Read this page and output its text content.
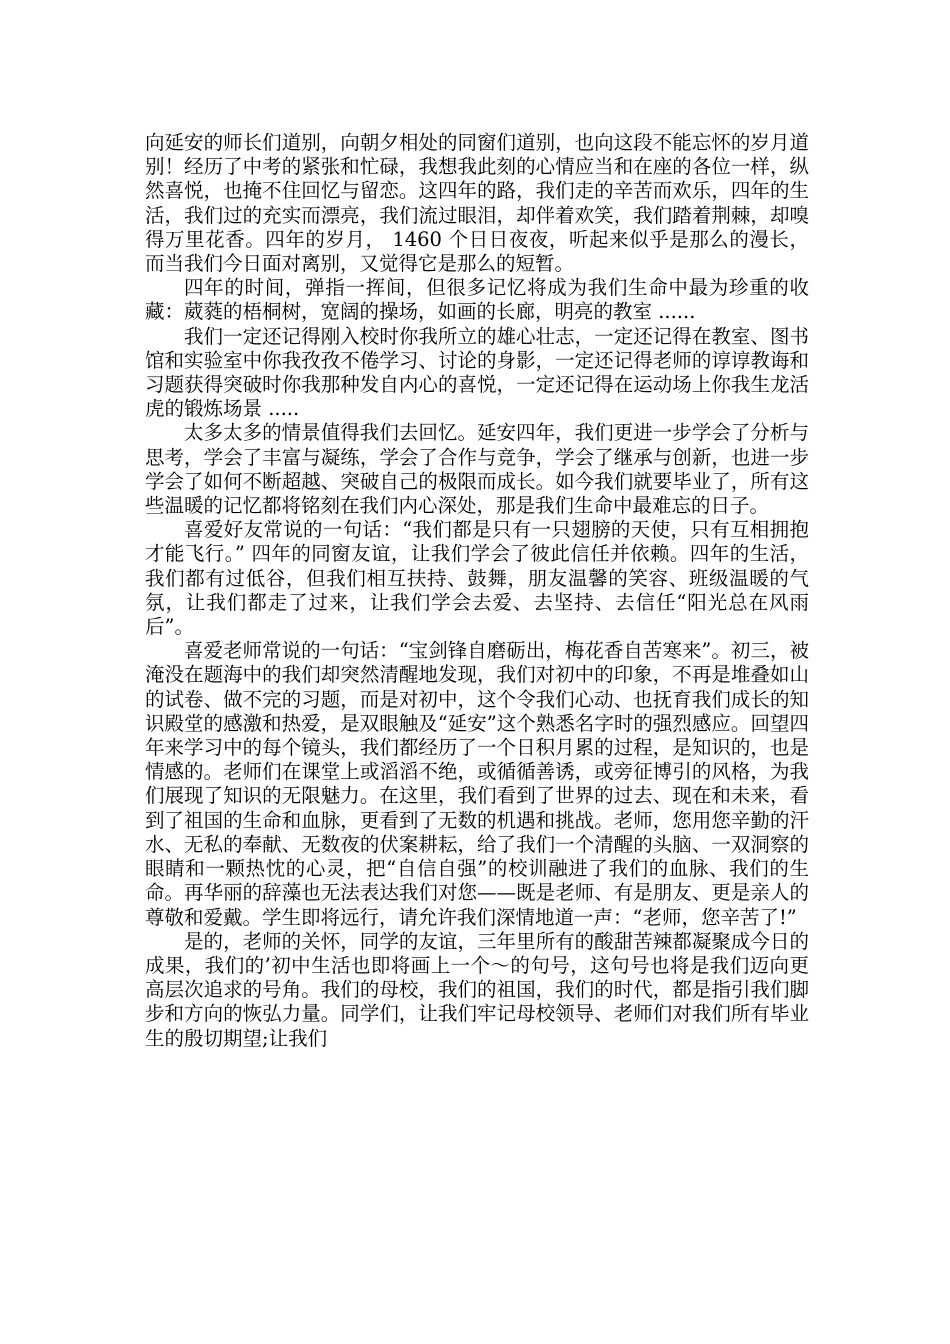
向延安的师长们道别，向朝夕相处的同窗们道别，也向这段不能忘怀的岁月道别！经历了中考的紧张和忙碌，我想我此刻的心情应当和在座的各位一样，纵然喜悦，也掩不住回忆与留恋。这四年的路，我们走的辛苦而欢乐，四年的生活，我们过的充实而漂亮，我们流过眼泪，却伴着欢笑，我们踏着荆棘，却嗅得万里花香。四年的岁月， 1460 个日日夜夜，听起来似乎是那么的漫长，而当我们今日面对离别，又觉得它是那么的短暂。

四年的时间，弹指一挥间，但很多记忆将成为我们生命中最为珍重的收藏：葳蕤的梧桐树，宽阔的操场，如画的长廊，明亮的教室 ......

我们一定还记得刚入校时你我所立的雄心壮志，一定还记得在教室、图书馆和实验室中你我孜孜不倦学习、讨论的身影，一定还记得老师的谆谆教诲和习题获得突破时你我那种发自内心的喜悦，一定还记得在运动场上你我生龙活虎的锻炼场景 .....

太多太多的情景值得我们去回忆。延安四年，我们更进一步学会了分析与思考，学会了丰富与凝练，学会了合作与竞争，学会了继承与创新，也进一步学会了如何不断超越、突破自己的极限而成长。如今我们就要毕业了，所有这些温暖的记忆都将铭刻在我们内心深处，那是我们生命中最难忘的日子。

喜爱好友常说的一句话：“我们都是只有一只翅膀的天使，只有互相拥抱才能飞行。” 四年的同窗友谊，让我们学会了彼此信任并依赖。四年的生活，我们都有过低谷，但我们相互扶持、鼓舞，朋友温馨的笑容、班级温暖的气氛，让我们都走了过来，让我们学会去爱、去坚持、去信任“阳光总在风雨后”。

喜爱老师常说的一句话：“宝剑锋自磨砺出，梅花香自苦寒来”。初三，被淹没在题海中的我们却突然清醒地发现，我们对初中的印象，不再是堆叠如山的试卷、做不完的习题，而是对初中，这个令我们心动、也抚育我们成长的知识殿堂的感激和热爱，是双眼触及“延安”这个熟悉名字时的强烈感应。回望四年来学习中的每个镜头，我们都经历了一个日积月累的过程，是知识的，也是情感的。老师们在课堂上或滔滔不绝，或循循善诱，或旁征博引的风格，为我们展现了知识的无限魅力。在这里，我们看到了世界的过去、现在和未来，看到了祖国的生命和血脉，更看到了无数的机遇和挑战。老师，您用您辛勤的汗水、无私的奉献、无数夜的伏案耕耘，给了我们一个清醒的头脑、一双洞察的眼睛和一颗热忱的心灵，把“自信自强”的校训融进了我们的血脉、我们的生命。再华丽的辞藻也无法表达我们对您——既是老师、有是朋友、更是亲人的尊敬和爱戴。学生即将远行，请允许我们深情地道一声：“老师，您辛苦了!”

是的，老师的关怀，同学的友谊，三年里所有的酸甜苦辣都凝聚成今日的成果，我们的’初中生活也即将画上一个～的句号，这句号也将是我们迈向更高层次追求的号角。我们的母校，我们的祖国，我们的时代，都是指引我们脚步和方向的恢弘力量。同学们，让我们牢记母校领导、老师们对我们所有毕业生的殷切期望;让我们
